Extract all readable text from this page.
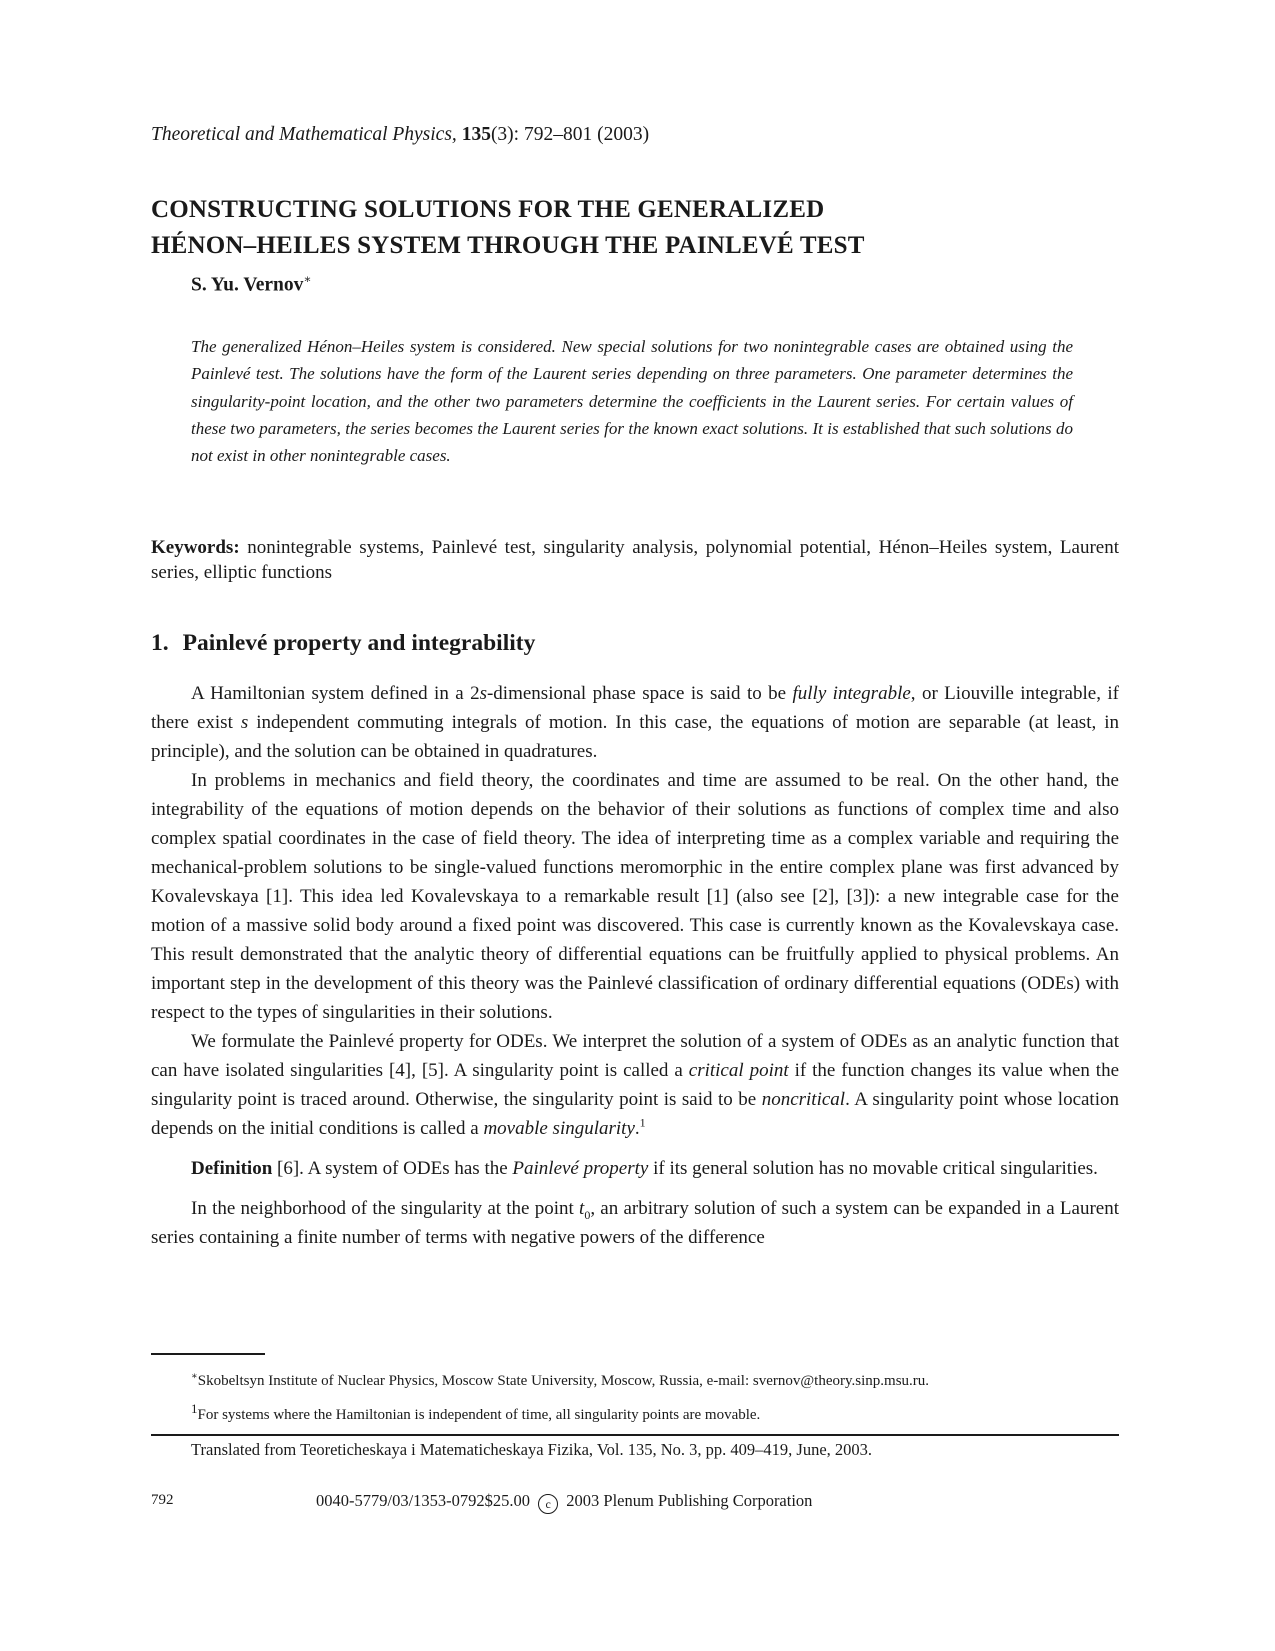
Theoretical and Mathematical Physics, 135(3): 792–801 (2003)
CONSTRUCTING SOLUTIONS FOR THE GENERALIZED
HÉNON–HEILES SYSTEM THROUGH THE PAINLEVÉ TEST
S. Yu. Vernov∗
The generalized Hénon–Heiles system is considered. New special solutions for two nonintegrable cases are obtained using the Painlevé test. The solutions have the form of the Laurent series depending on three parameters. One parameter determines the singularity-point location, and the other two parameters determine the coefficients in the Laurent series. For certain values of these two parameters, the series becomes the Laurent series for the known exact solutions. It is established that such solutions do not exist in other nonintegrable cases.
Keywords: nonintegrable systems, Painlevé test, singularity analysis, polynomial potential, Hénon–Heiles system, Laurent series, elliptic functions
1. Painlevé property and integrability

A Hamiltonian system defined in a 2s-dimensional phase space is said to be fully integrable, or Liouville integrable, if there exist s independent commuting integrals of motion. In this case, the equations of motion are separable (at least, in principle), and the solution can be obtained in quadratures.

In problems in mechanics and field theory, the coordinates and time are assumed to be real. On the other hand, the integrability of the equations of motion depends on the behavior of their solutions as functions of complex time and also complex spatial coordinates in the case of field theory. The idea of interpreting time as a complex variable and requiring the mechanical-problem solutions to be single-valued functions meromorphic in the entire complex plane was first advanced by Kovalevskaya [1]. This idea led Kovalevskaya to a remarkable result [1] (also see [2], [3]): a new integrable case for the motion of a massive solid body around a fixed point was discovered. This case is currently known as the Kovalevskaya case. This result demonstrated that the analytic theory of differential equations can be fruitfully applied to physical problems. An important step in the development of this theory was the Painlevé classification of ordinary differential equations (ODEs) with respect to the types of singularities in their solutions.

We formulate the Painlevé property for ODEs. We interpret the solution of a system of ODEs as an analytic function that can have isolated singularities [4], [5]. A singularity point is called a critical point if the function changes its value when the singularity point is traced around. Otherwise, the singularity point is said to be noncritical. A singularity point whose location depends on the initial conditions is called a movable singularity.$^1$

Definition [6]. A system of ODEs has the Painlevé property if its general solution has no movable critical singularities.

In the neighborhood of the singularity at the point $t_0$, an arbitrary solution of such a system can be expanded in a Laurent series containing a finite number of terms with negative powers of the difference

∗Skobeltsyn Institute of Nuclear Physics, Moscow State University, Moscow, Russia, e-mail: svernov@theory.sinp.msu.ru.
$^1$For systems where the Hamiltonian is independent of time, all singularity points are movable.
Translated from Teoreticheskaya i Matematicheskaya Fizika, Vol. 135, No. 3, pp. 409–419, June, 2003.
792	0040-5779/03/1353-0792$25.00 c 2003 Plenum Publishing Corporation
